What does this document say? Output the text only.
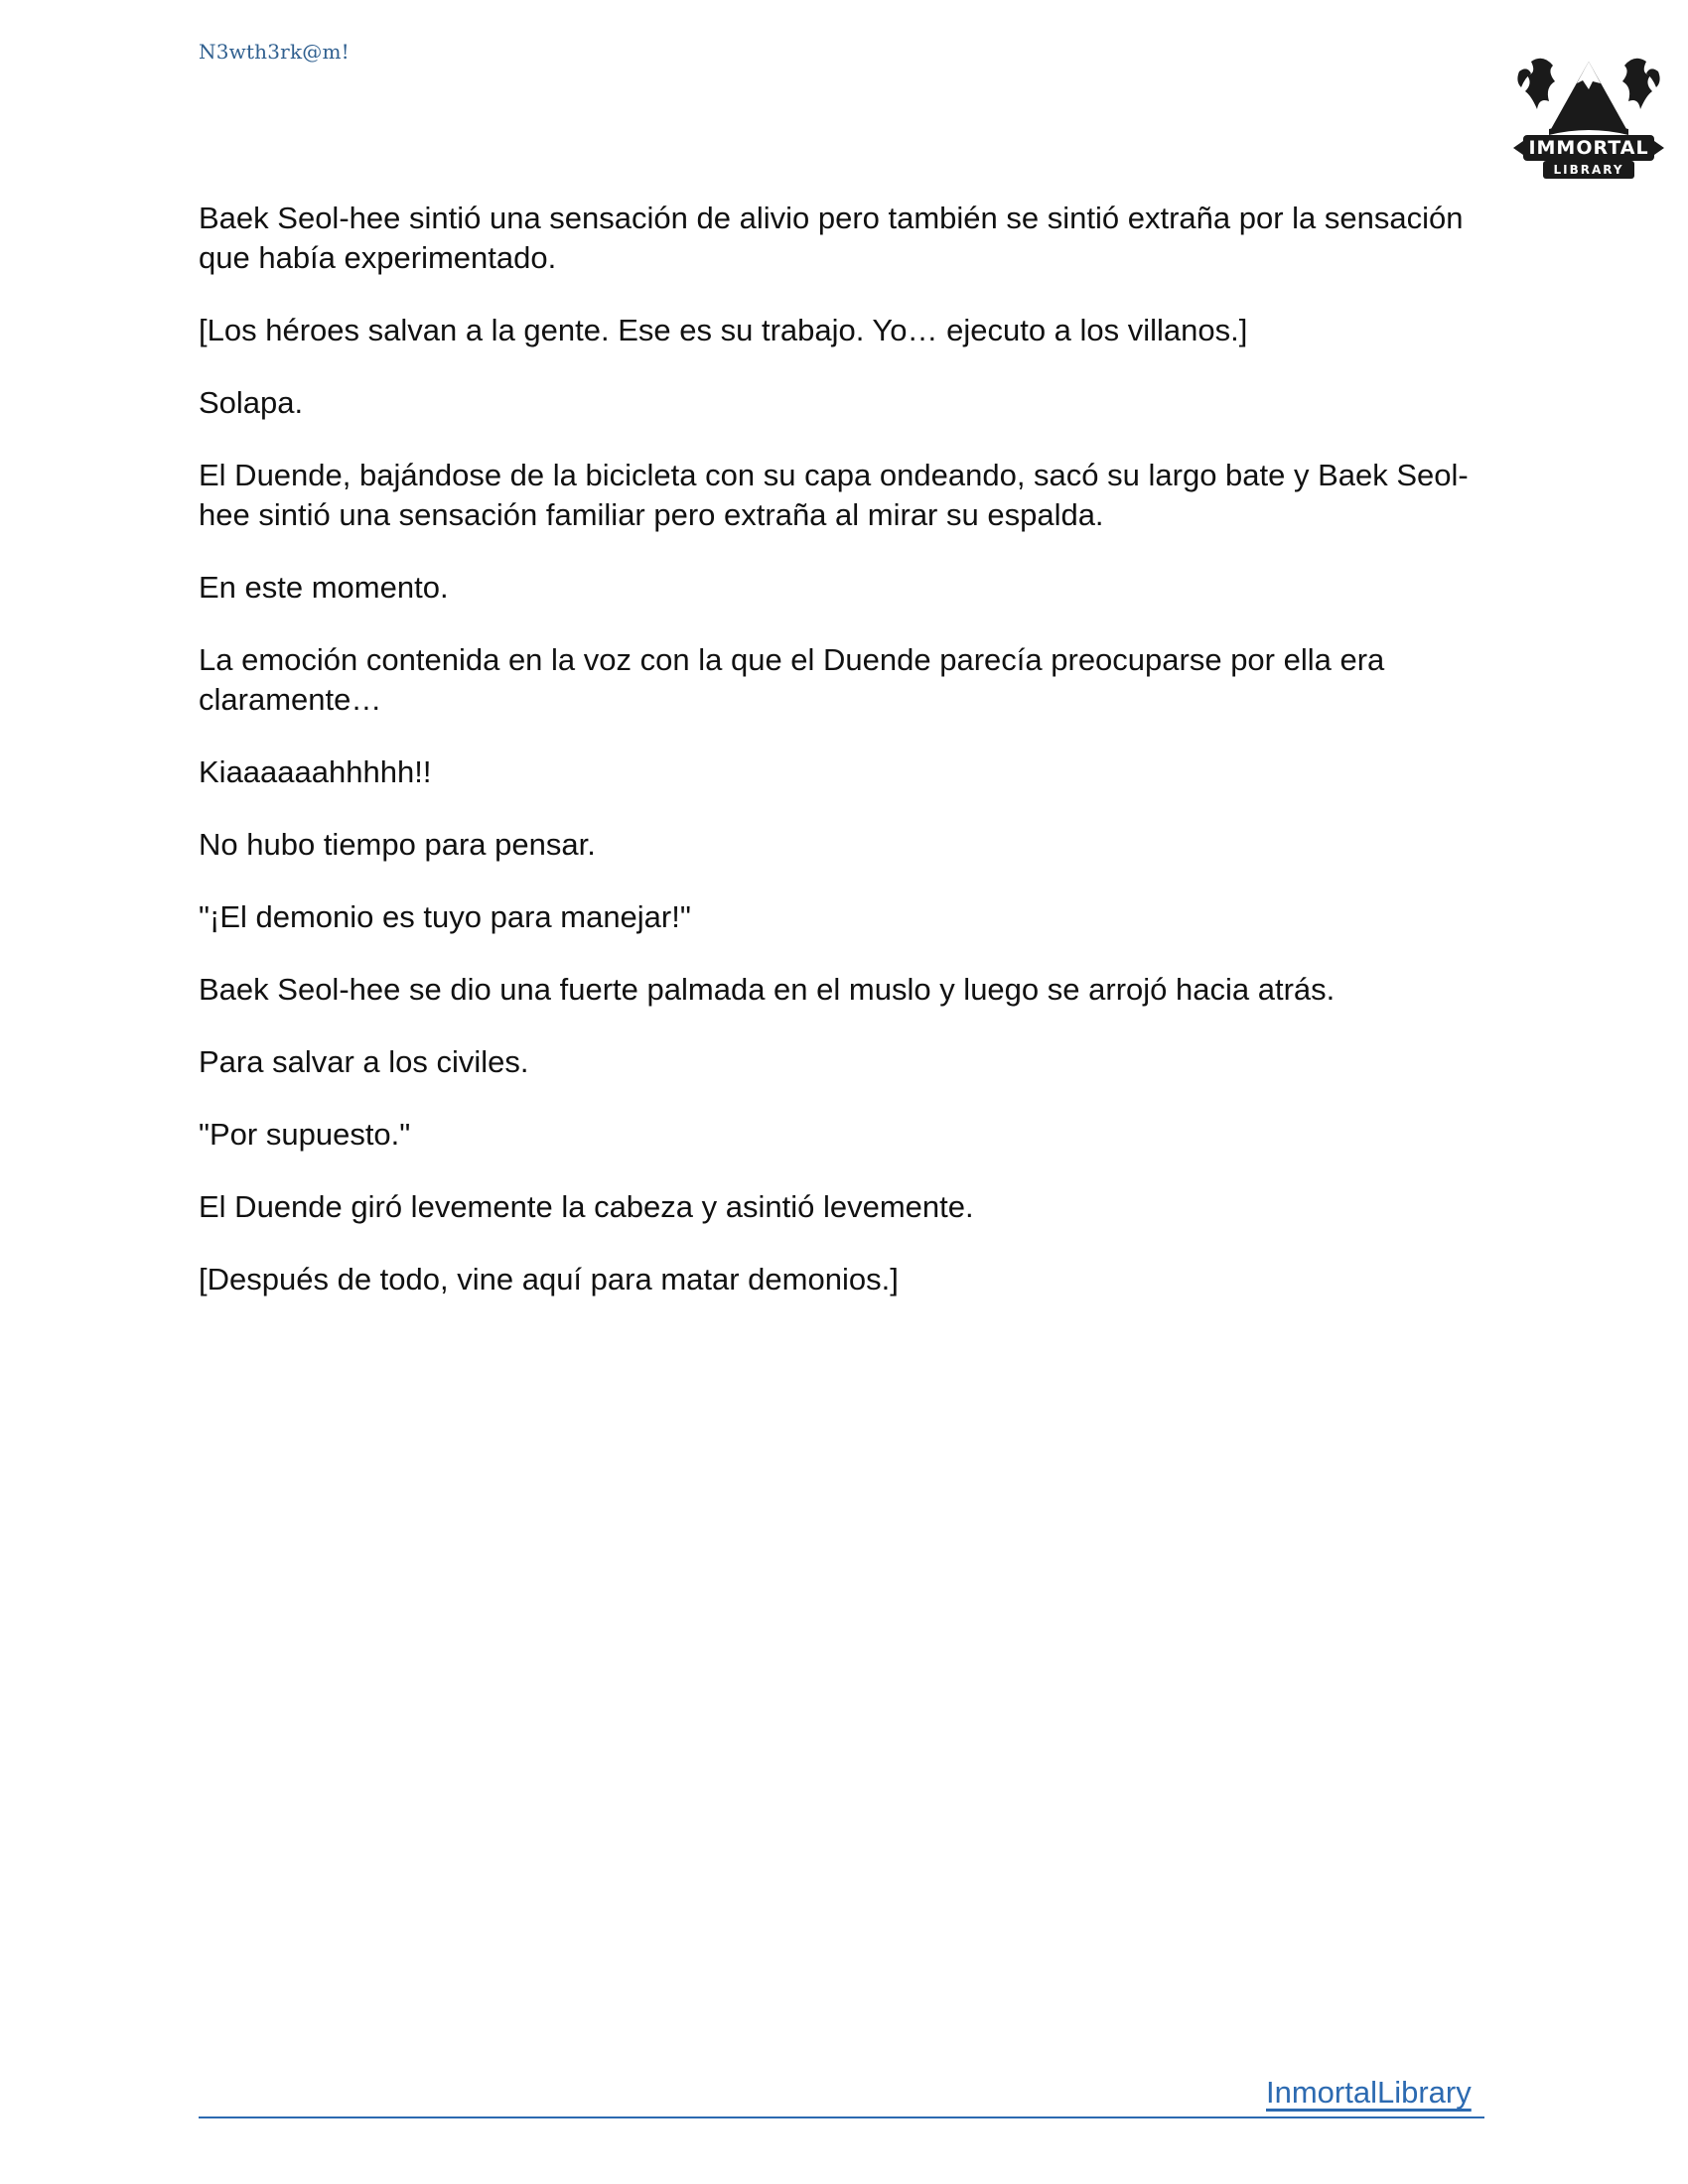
N3wth3rk@m!
IMMORTAL
LIBRARY

Baek Seol-hee sintió una sensación de alivio pero también se sintió extraña por la sensación que había experimentado.

[Los héroes salvan a la gente. Ese es su trabajo. Yo… ejecuto a los villanos.]

Solapa.

El Duende, bajándose de la bicicleta con su capa ondeando, sacó su largo bate y Baek Seol-hee sintió una sensación familiar pero extraña al mirar su espalda.

En este momento.

La emoción contenida en la voz con la que el Duende parecía preocuparse por ella era claramente…

Kiaaaaaahhhhh!!

No hubo tiempo para pensar.

"¡El demonio es tuyo para manejar!"

Baek Seol-hee se dio una fuerte palmada en el muslo y luego se arrojó hacia atrás.

Para salvar a los civiles.

"Por supuesto."

El Duende giró levemente la cabeza y asintió levemente.

[Después de todo, vine aquí para matar demonios.]

InmortalLibrary
